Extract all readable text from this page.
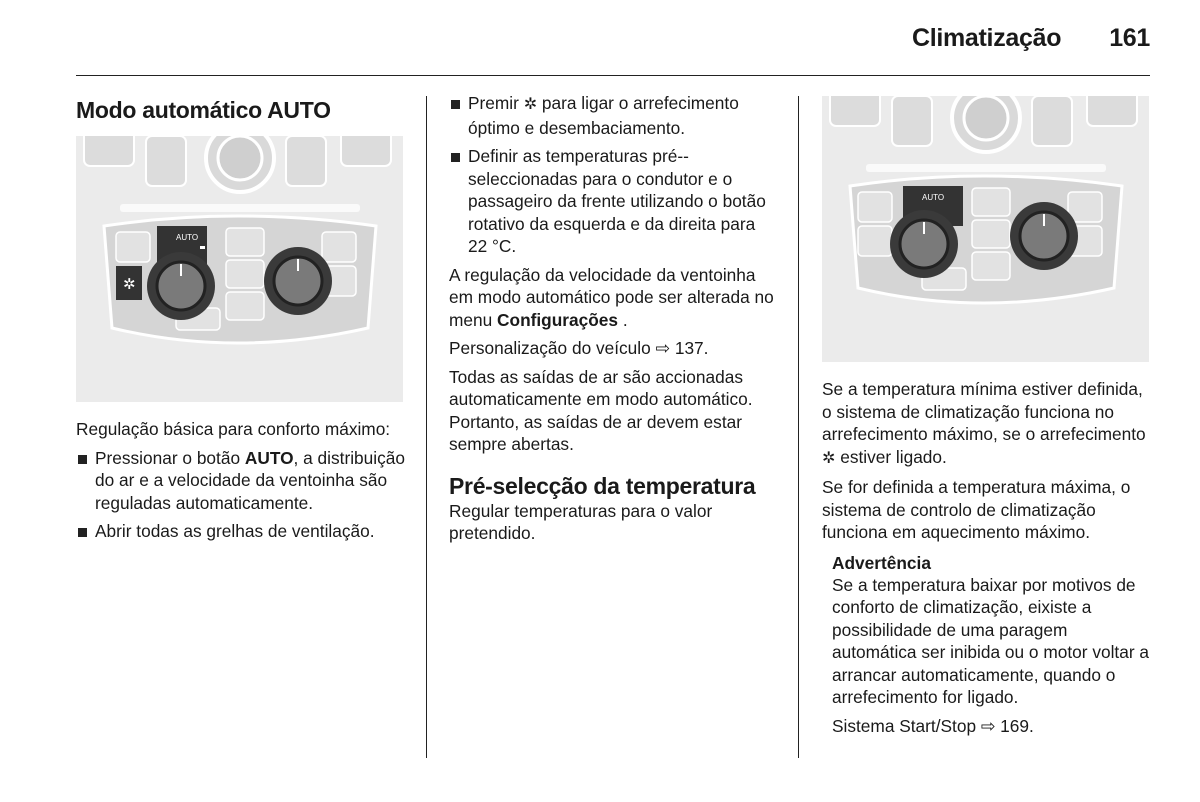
Climatização 161
Modo automático AUTO
AUTO
✲

Regulação básica para conforto máximo:

Pressionar o botão AUTO, a distribuição do ar e a velocidade da ventoinha são reguladas automaticamente.
Abrir todas as grelhas de ventilação.
Premir ✲ para ligar o arrefecimento óptimo e desembaciamento.
Definir as temperaturas pré--seleccionadas para o condutor e o passageiro da frente utilizando o botão rotativo da esquerda e da direita para 22 °C.

A regulação da velocidade da ventoinha em modo automático pode ser alterada no menu Configurações .

Personalização do veículo ⇨ 137.

Todas as saídas de ar são accionadas automaticamente em modo automático. Portanto, as saídas de ar devem estar sempre abertas.

Pré-selecção da temperatura

Regular temperaturas para o valor pretendido.

AUTO

Se a temperatura mínima estiver definida, o sistema de climatização funciona no arrefecimento máximo, se o arrefecimento ✲ estiver ligado.

Se for definida a temperatura máxima, o sistema de controlo de climatização funciona em aquecimento máximo.

Advertência

Se a temperatura baixar por motivos de conforto de climatização, eixiste a possibilidade de uma paragem automática ser inibida ou o motor voltar a arrancar automaticamente, quando o arrefecimento for ligado.

Sistema Start/Stop ⇨ 169.
